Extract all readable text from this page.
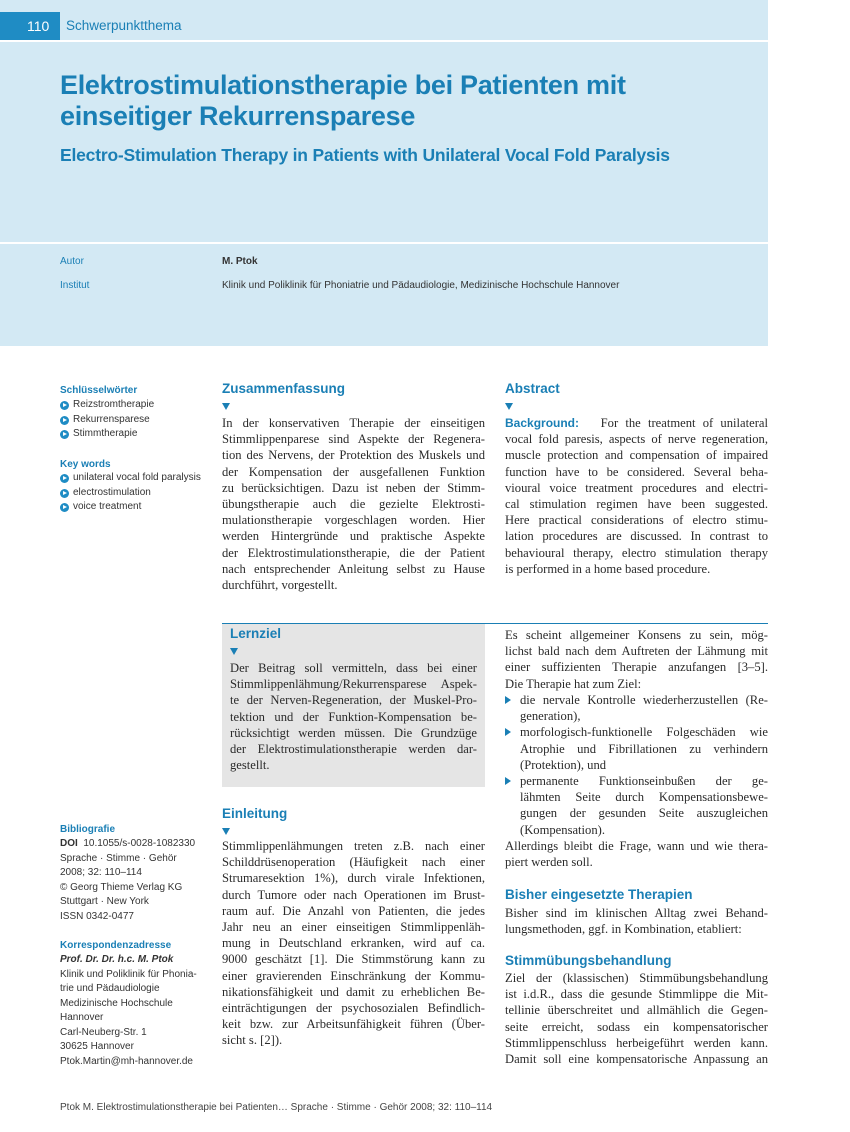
110	Schwerpunktthema
Elektrostimulationstherapie bei Patienten mit
einseitiger Rekurrensparese
Electro-Stimulation Therapy in Patients with Unilateral Vocal Fold Paralysis
Autor	M. Ptok
Institut	Klinik und Poliklinik für Phoniatrie und Pädaudiologie, Medizinische Hochschule Hannover
Schlüsselwörter
Reizstromtherapie
Rekurrensparese
Stimmtherapie
Key words
unilateral vocal fold paralysis
electrostimulation
voice treatment
Bibliografie
DOI 10.1055/s-0028-1082330
Sprache · Stimme · Gehör
2008; 32: 110–114
© Georg Thieme Verlag KG
Stuttgart · New York
ISSN 0342-0477
Korrespondenzadresse
Prof. Dr. Dr. h.c. M. Ptok
Klinik und Poliklinik für Phonia-
trie und Pädaudiologie
Medizinische Hochschule
Hannover
Carl-Neuberg-Str. 1
30625 Hannover
Ptok.Martin@mh-hannover.de
Zusammenfassung
In der konservativen Therapie der einseitigen
Stimmlippenparese sind Aspekte der Regenera-
tion des Nervens, der Protektion des Muskels und
der Kompensation der ausgefallenen Funktion
zu berücksichtigen. Dazu ist neben der Stimm-
übungstherapie auch die gezielte Elektrosti-
mulationstherapie vorgeschlagen worden. Hier
werden Hintergründe und praktische Aspekte
der Elektrostimulationstherapie, die der Patient
nach entsprechender Anleitung selbst zu Hause
durchführt, vorgestellt.
Abstract
Background: For the treatment of unilateral
vocal fold paresis, aspects of nerve regeneration,
muscle protection and compensation of impaired
function have to be considered. Several beha-
vioural voice treatment procedures and electri-
cal stimulation regimen have been suggested.
Here practical considerations of electro stimu-
lation procedures are discussed. In contrast to
behavioural therapy, electro stimulation therapy
is performed in a home based procedure.
Lernziel
Der Beitrag soll vermitteln, dass bei einer
Stimmlippenlähmung/Rekurrensparese Aspek-
te der Nerven-Regeneration, der Muskel-Pro-
tektion und der Funktion-Kompensation be-
rücksichtigt werden müssen. Die Grundzüge
der Elektrostimulationstherapie werden dar-
gestellt.
Einleitung
Stimmlippenlähmungen treten z.B. nach einer
Schilddrüsenoperation (Häufigkeit nach einer
Strumaresektion 1%), durch virale Infektionen,
durch Tumore oder nach Operationen im Brust-
raum auf. Die Anzahl von Patienten, die jedes
Jahr neu an einer einseitigen Stimmlippenläh-
mung in Deutschland erkranken, wird auf ca.
9000 geschätzt [1]. Die Stimmstörung kann zu
einer gravierenden Einschränkung der Kommu-
nikationsfähigkeit und damit zu erheblichen Be-
einträchtigungen der psychosozialen Befindlich-
keit bzw. zur Arbeitsunfähigkeit führen (Über-
sicht s. [2]).
Es scheint allgemeiner Konsens zu sein, mög-
lichst bald nach dem Auftreten der Lähmung mit
einer suffizienten Therapie anzufangen [3–5].
Die Therapie hat zum Ziel:
die nervale Kontrolle wiederherzustellen (Re-
generation),
morfologisch-funktionelle Folgeschäden wie
Atrophie und Fibrillationen zu verhindern
(Protektion), und
permanente Funktionseinbußen der ge-
lähmten Seite durch Kompensationsbewe-
gungen der gesunden Seite auszugleichen
(Kompensation).
Allerdings bleibt die Frage, wann und wie thera-
piert werden soll.
Bisher eingesetzte Therapien
Bisher sind im klinischen Alltag zwei Behand-
lungsmethoden, ggf. in Kombination, etabliert:
Stimmübungsbehandlung
Ziel der (klassischen) Stimmübungsbehandlung
ist i.d.R., dass die gesunde Stimmlippe die Mit-
tellinie überschreitet und allmählich die Gegen-
seite erreicht, sodass ein kompensatorischer
Stimmlippenschluss herbeigeführt werden kann.
Damit soll eine kompensatorische Anpassung an
Ptok M. Elektrostimulationstherapie bei Patienten… Sprache · Stimme · Gehör 2008; 32: 110–114
